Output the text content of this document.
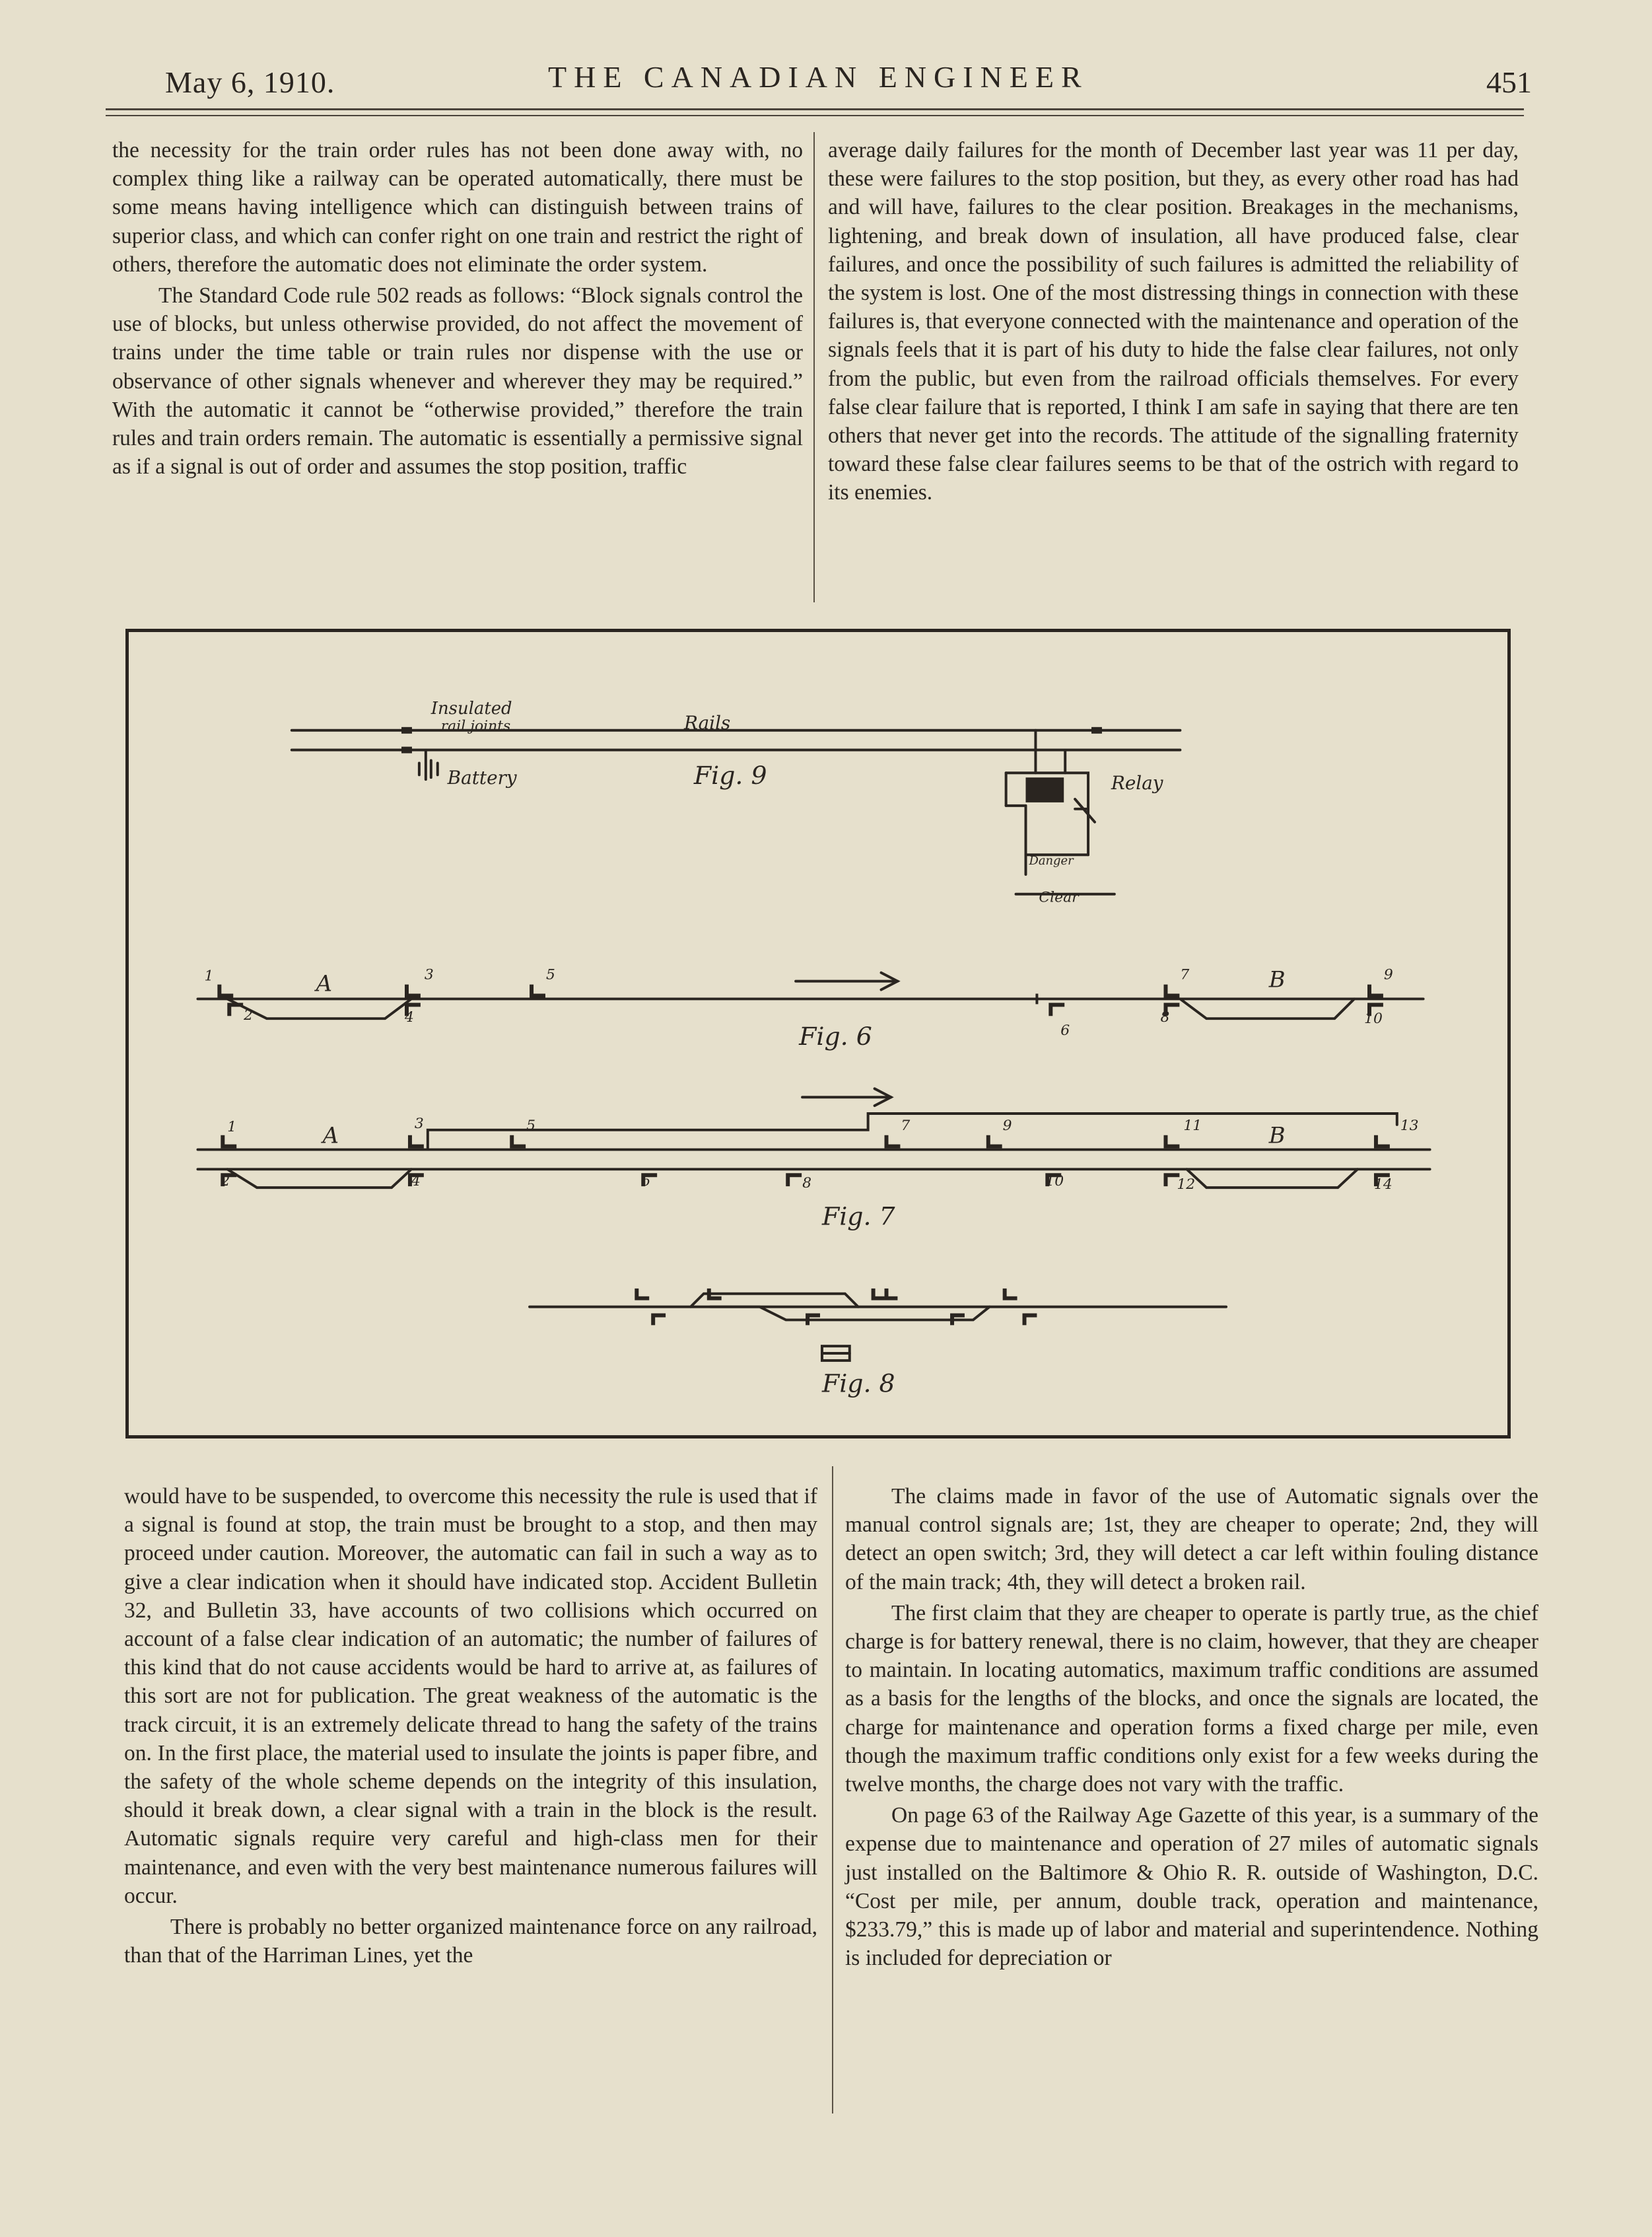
May 6, 1910.	THE CANADIAN ENGINEER	451

the necessity for the train order rules has not been done away with, no complex thing like a railway can be operated automatically, there must be some means having intelligence which can distinguish between trains of superior class, and which can confer right on one train and restrict the right of others, therefore the automatic does not eliminate the order system.

The Standard Code rule 502 reads as follows: “Block signals control the use of blocks, but unless otherwise provided, do not affect the movement of trains under the time table or train rules nor dispense with the use or observance of other signals whenever and wherever they may be required.” With the automatic it cannot be “otherwise provided,” therefore the train rules and train orders remain. The automatic is essentially a permissive signal as if a signal is out of order and assumes the stop position, traffic

average daily failures for the month of December last year was 11 per day, these were failures to the stop position, but they, as every other road has had and will have, failures to the clear position. Breakages in the mechanisms, lightening, and break down of insulation, all have produced false, clear failures, and once the possibility of such failures is admitted the reliability of the system is lost. One of the most distressing things in connection with these failures is, that everyone connected with the maintenance and operation of the signals feels that it is part of his duty to hide the false clear failures, not only from the public, but even from the railroad officials themselves. For every false clear failure that is reported, I think I am safe in saying that there are ten others that never get into the records. The attitude of the signalling fraternity toward these false clear failures seems to be that of the ostrich with regard to its enemies.

Insulated
rail joints	Rails
Battery	Fig. 9	Relay
Danger
Clear
A	B
Fig. 6
1
2
3
4
5
6
7
8
9
10
A	B
Fig. 7
1
2
3
4
5
6
7
8
9
10
11
12
13
14
Fig. 8

would have to be suspended, to overcome this necessity the rule is used that if a signal is found at stop, the train must be brought to a stop, and then may proceed under caution. Moreover, the automatic can fail in such a way as to give a clear indication when it should have indicated stop. Accident Bulletin 32, and Bulletin 33, have accounts of two collisions which occurred on account of a false clear indication of an automatic; the number of failures of this kind that do not cause accidents would be hard to arrive at, as failures of this sort are not for publication. The great weakness of the automatic is the track circuit, it is an extremely delicate thread to hang the safety of the trains on. In the first place, the material used to insulate the joints is paper fibre, and the safety of the whole scheme depends on the integrity of this insulation, should it break down, a clear signal with a train in the block is the result. Automatic signals require very careful and high-class men for their maintenance, and even with the very best maintenance numerous failures will occur.

There is probably no better organized maintenance force on any railroad, than that of the Harriman Lines, yet the

The claims made in favor of the use of Automatic signals over the manual control signals are; 1st, they are cheaper to operate; 2nd, they will detect an open switch; 3rd, they will detect a car left within fouling distance of the main track; 4th, they will detect a broken rail.

The first claim that they are cheaper to operate is partly true, as the chief charge is for battery renewal, there is no claim, however, that they are cheaper to maintain. In locating automatics, maximum traffic conditions are assumed as a basis for the lengths of the blocks, and once the signals are located, the charge for maintenance and operation forms a fixed charge per mile, even though the maximum traffic conditions only exist for a few weeks during the twelve months, the charge does not vary with the traffic.

On page 63 of the Railway Age Gazette of this year, is a summary of the expense due to maintenance and operation of 27 miles of automatic signals just installed on the Baltimore & Ohio R. R. outside of Washington, D.C. “Cost per mile, per annum, double track, operation and maintenance, $233.79,” this is made up of labor and material and superintendence. Nothing is included for depreciation or
